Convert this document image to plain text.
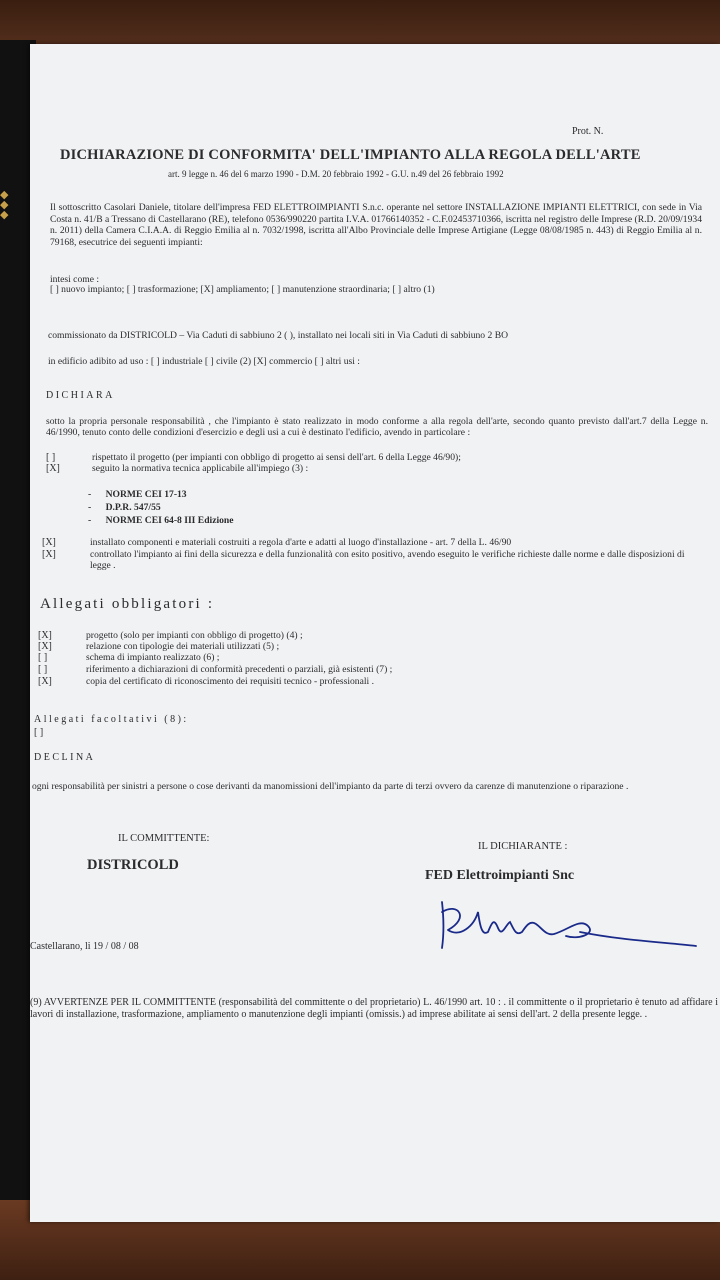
◆
◆
◆
Prot. N.
DICHIARAZIONE DI CONFORMITA' DELL'IMPIANTO ALLA REGOLA DELL'ARTE
art. 9 legge n. 46 del 6 marzo 1990 - D.M. 20 febbraio 1992 - G.U. n.49 del 26 febbraio 1992
Il sottoscritto Casolari Daniele, titolare dell'impresa FED ELETTROIMPIANTI S.n.c. operante nel settore INSTALLAZIONE IMPIANTI ELETTRICI, con sede in Via Costa n. 41/B a Tressano di Castellarano (RE), telefono 0536/990220 partita I.V.A. 01766140352 - C.F.02453710366, iscritta nel registro delle Imprese (R.D. 20/09/1934 n. 2011) della Camera C.I.A.A. di Reggio Emilia al n. 7032/1998, iscritta all'Albo Provinciale delle Imprese Artigiane (Legge 08/08/1985 n. 443) di Reggio Emilia al n. 79168, esecutrice dei seguenti impianti:
intesi come :
[ ] nuovo impianto; [ ] trasformazione; [X] ampliamento; [ ] manutenzione straordinaria; [ ] altro (1)
commissionato da DISTRICOLD – Via Caduti di sabbiuno 2 ( ), installato nei locali siti in Via Caduti di sabbiuno 2 BO
in edificio adibito ad uso : [ ] industriale [ ] civile (2) [X] commercio [ ] altri usi :
DICHIARA
sotto la propria personale responsabilità , che l'impianto è stato realizzato in modo conforme a alla regola dell'arte, secondo quanto previsto dall'art.7 della Legge n. 46/1990, tenuto conto delle condizioni d'esercizio e degli usi a cui è destinato l'edificio, avendo in particolare :
[ ]	rispettato il progetto (per impianti con obbligo di progetto ai sensi dell'art. 6 della Legge 46/90);
[X]	seguito la normativa tecnica applicabile all'impiego (3) :
-      NORME CEI 17-13
-      D.P.R. 547/55
-      NORME CEI 64-8 III Edizione
[X]	installato componenti e materiali costruiti a regola d'arte e adatti al luogo d'installazione - art. 7 della L. 46/90
[X]	controllato l'impianto ai fini della sicurezza e della funzionalità con esito positivo, avendo eseguito le verifiche richieste dalle norme e dalle disposizioni di legge .
Allegati obbligatori :
[X]	progetto (solo per impianti con obbligo di progetto) (4) ;
[X]	relazione con tipologie dei materiali utilizzati (5) ;
[ ]	schema di impianto realizzato (6) ;
[ ]	riferimento a dichiarazioni di conformità precedenti o parziali, già esistenti (7) ;
[X]	copia del certificato di riconoscimento dei requisiti tecnico - professionali .
Allegati facoltativi (8):
[ ]
DECLINA
ogni responsabilità per sinistri a persone o cose derivanti da manomissioni dell'impianto da parte di terzi ovvero da carenze di manutenzione o riparazione .
IL COMMITTENTE:
IL DICHIARANTE :
DISTRICOLD
FED Elettroimpianti Snc
Castellarano, li 19 / 08 / 08
(9) AVVERTENZE PER IL COMMITTENTE (responsabilità del committente o del proprietario) L. 46/1990 art. 10 : . il committente o il proprietario è tenuto ad affidare i lavori di installazione, trasformazione, ampliamento o manutenzione degli impianti (omissis.) ad imprese abilitate ai sensi dell'art. 2 della presente legge. .
